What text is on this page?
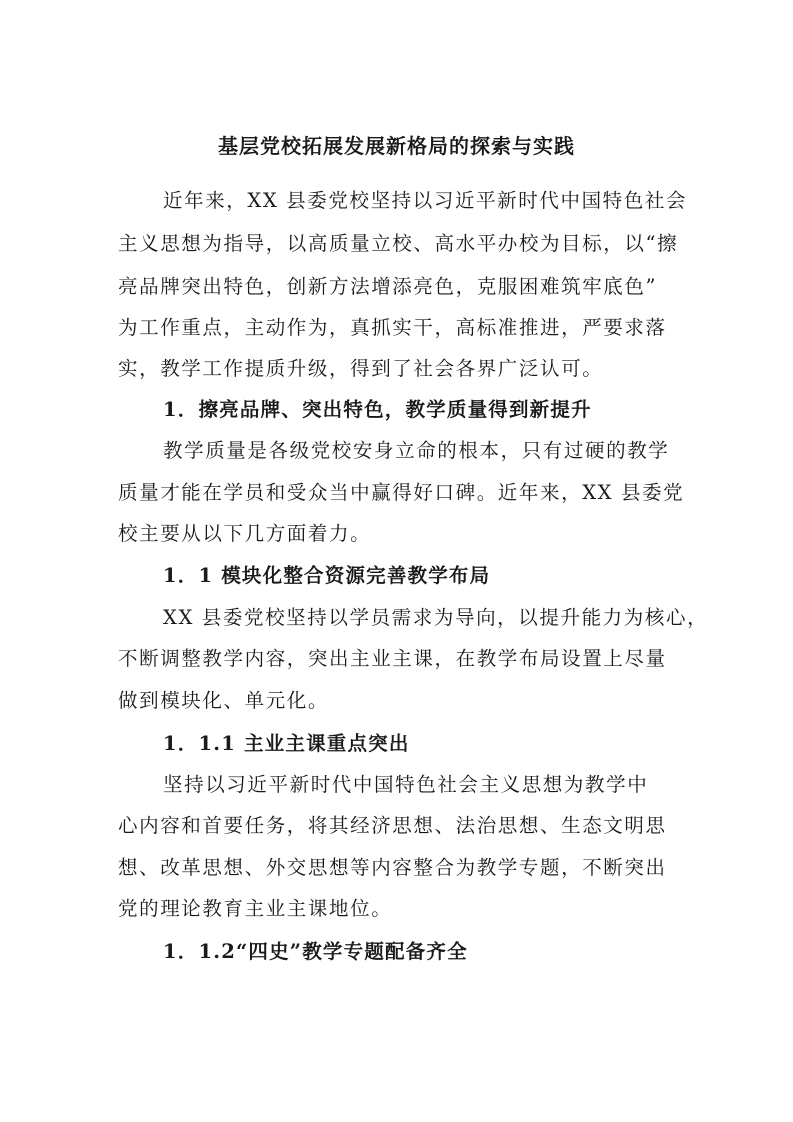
基层党校拓展发展新格局的探索与实践
近年来，XX 县委党校坚持以习近平新时代中国特色社会
主义思想为指导，以高质量立校、高水平办校为目标，以“擦
亮品牌突出特色，创新方法增添亮色，克服困难筑牢底色”
为工作重点，主动作为，真抓实干，高标准推进，严要求落
实，教学工作提质升级，得到了社会各界广泛认可。
1．擦亮品牌、突出特色，教学质量得到新提升
教学质量是各级党校安身立命的根本，只有过硬的教学
质量才能在学员和受众当中赢得好口碑。近年来，XX 县委党
校主要从以下几方面着力。
1．1 模块化整合资源完善教学布局
XX 县委党校坚持以学员需求为导向，以提升能力为核心，
不断调整教学内容，突出主业主课，在教学布局设置上尽量
做到模块化、单元化。
1．1.1 主业主课重点突出
坚持以习近平新时代中国特色社会主义思想为教学中
心内容和首要任务，将其经济思想、法治思想、生态文明思
想、改革思想、外交思想等内容整合为教学专题，不断突出
党的理论教育主业主课地位。
1．1.2“四史”教学专题配备齐全
